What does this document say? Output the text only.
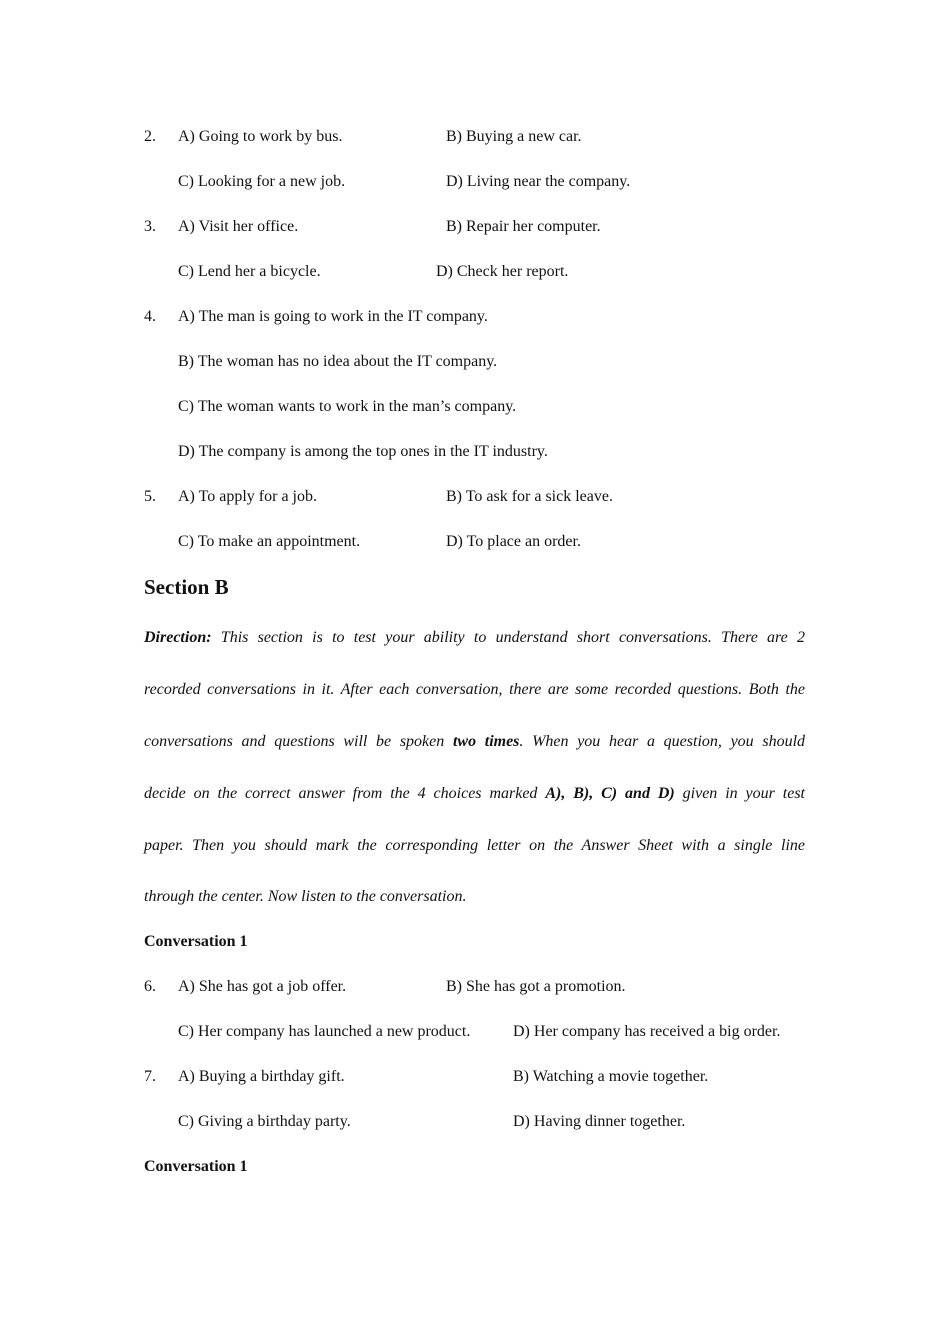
2. A) Going to work by bus.	B) Buying a new car.
C) Looking for a new job.	D) Living near the company.
3. A) Visit her office.	B) Repair her computer.
C) Lend her a bicycle.	D) Check her report.
4. A) The man is going to work in the IT company.
B) The woman has no idea about the IT company.
C) The woman wants to work in the man’s company.
D) The company is among the top ones in the IT industry.
5. A) To apply for a job.	B) To ask for a sick leave.
C) To make an appointment.	D) To place an order.
Section B
Direction: This section is to test your ability to understand short conversations. There are 2
recorded conversations in it. After each conversation, there are some recorded questions. Both the
conversations and questions will be spoken two times. When you hear a question, you should
decide on the correct answer from the 4 choices marked A), B), C) and D) given in your test
paper. Then you should mark the corresponding letter on the Answer Sheet with a single line
through the center. Now listen to the conversation.
Conversation 1
6. A) She has got a job offer.	B) She has got a promotion.
C) Her company has launched a new product.	D) Her company has received a big order.
7. A) Buying a birthday gift.	B) Watching a movie together.
C) Giving a birthday party.	D) Having dinner together.
Conversation 1
